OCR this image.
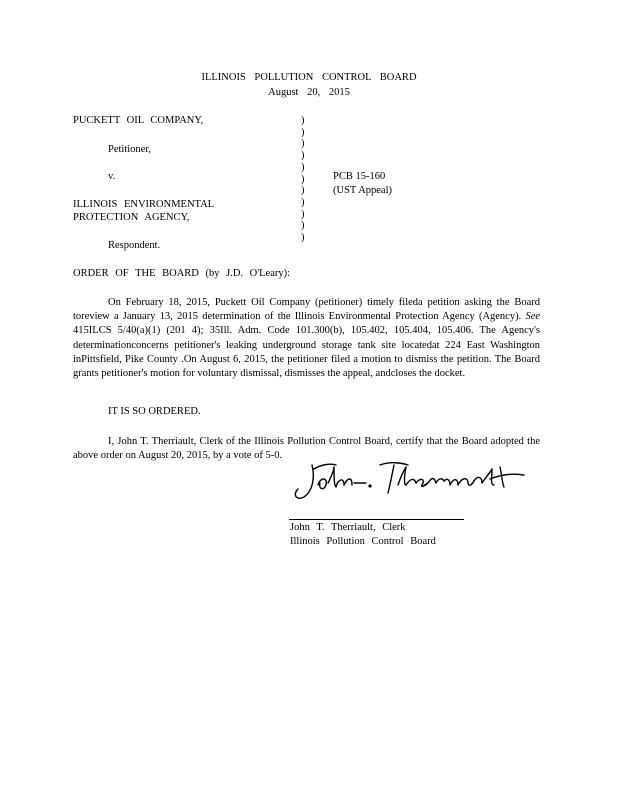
ILLINOIS POLLUTION CONTROL BOARD
August 20, 2015
PUCKETT OIL COMPANY,
Petitioner,
v.
ILLINOIS ENVIRONMENTAL
PROTECTION AGENCY,
Respondent.
)
)
)
)
)
)
)
)
)
)
)
PCB 15-160
(UST Appeal)
ORDER OF THE BOARD (by J.D. O'Leary):
On February 18, 2015, Puckett Oil Company (petitioner) timely fileda petition asking the Board toreview a January 13, 2015 determination of the Illinois Environmental Protection Agency (Agency). See 415ILCS 5/40(a)(1) (201 4); 35Ill. Adm. Code 101.300(b), 105.402, 105.404, 105.406. The Agency's determinationconcerns petitioner's leaking underground storage tank site locatedat 224 East Washington inPittsfield, Pike County .On August 6, 2015, the petitioner filed a motion to dismiss the petition. The Board grants petitioner's motion for voluntary dismissal, dismisses the appeal, andcloses the docket.
IT IS SO ORDERED.
I, John T. Therriault, Clerk of the Illinois Pollution Control Board, certify that the Board adopted the above order on August 20, 2015, by a vote of 5-0.
John T. Therriault, Clerk
Illinois Pollution Control Board
